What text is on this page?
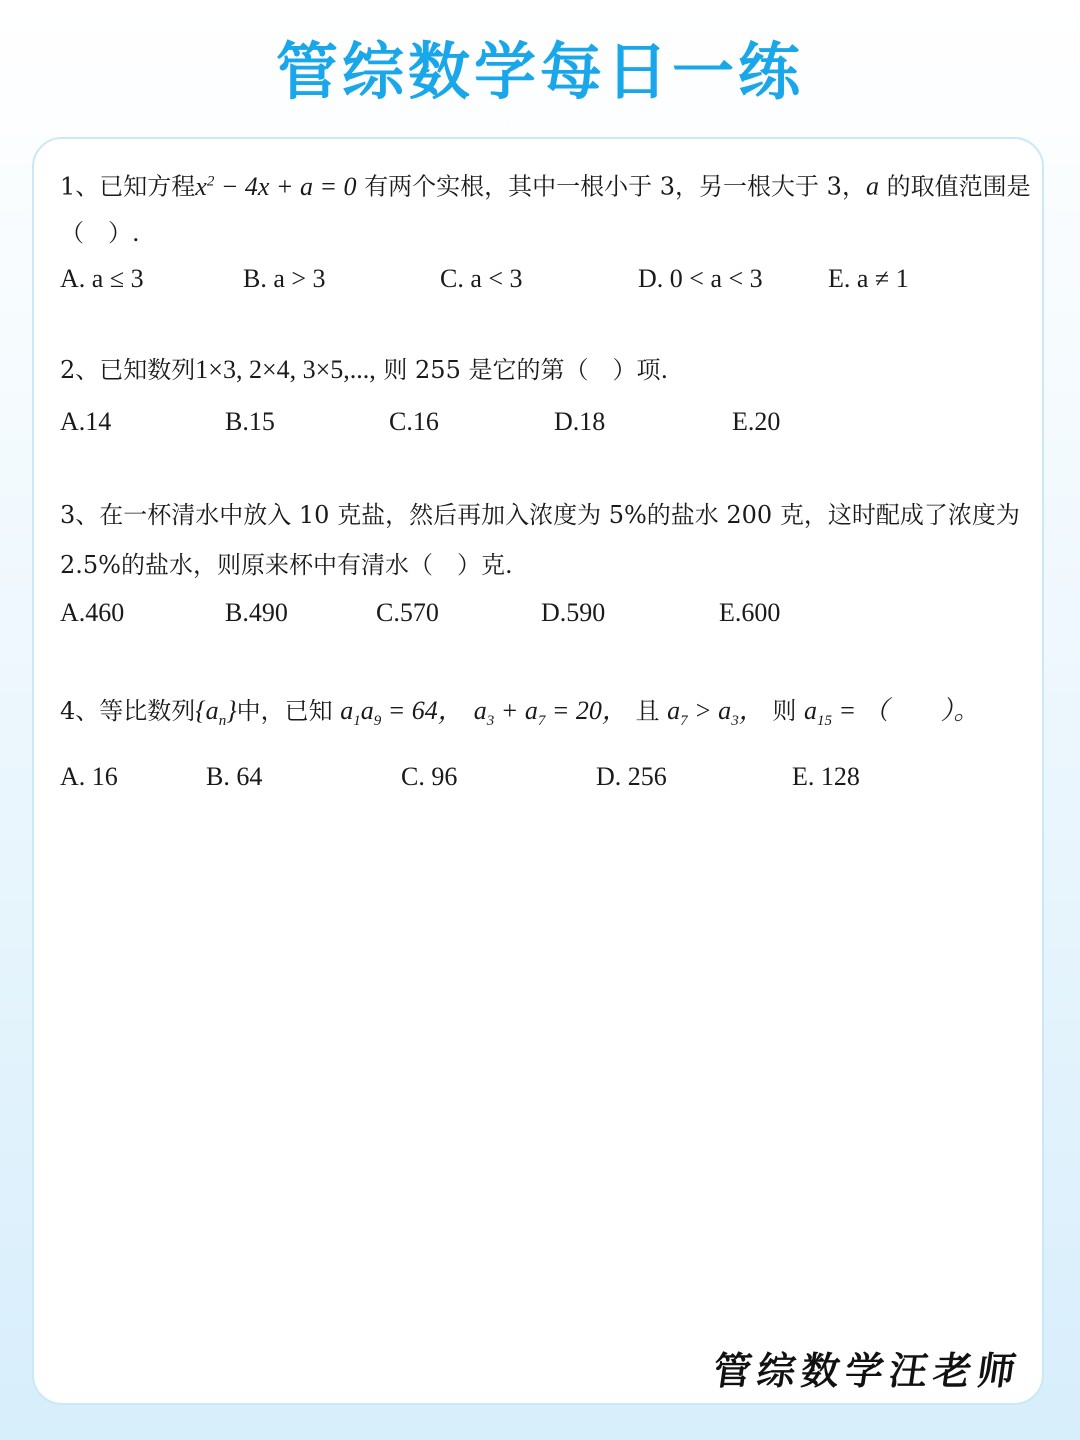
管综数学每日一练
1、已知方程$x^2 - 4x + a = 0$ 有两个实根，其中一根小于 3，另一根大于 3，a 的取值范围是
（　）.
A. a ≤ 3	B. a > 3	C. a < 3	D. 0 < a < 3	E. a ≠ 1
2、已知数列1×3, 2×4, 3×5,..., 则 255 是它的第（　）项.
A.14	B.15	C.16	D.18	E.20
3、在一杯清水中放入 10 克盐，然后再加入浓度为 5%的盐水 200 克，这时配成了浓度为 2.5%的盐水，则原来杯中有清水（　）克.
A.460	B.490	C.570	D.590	E.600
4、等比数列$\{a_n\}$中，已知 $a_1a_9 = 64$， $a_3 + a_7 = 20$， 且 $a_7 > a_3$， 则 $a_{15}$ = （　　）。
A. 16	B. 64	C. 96	D. 256	E. 128
管综数学汪老师
